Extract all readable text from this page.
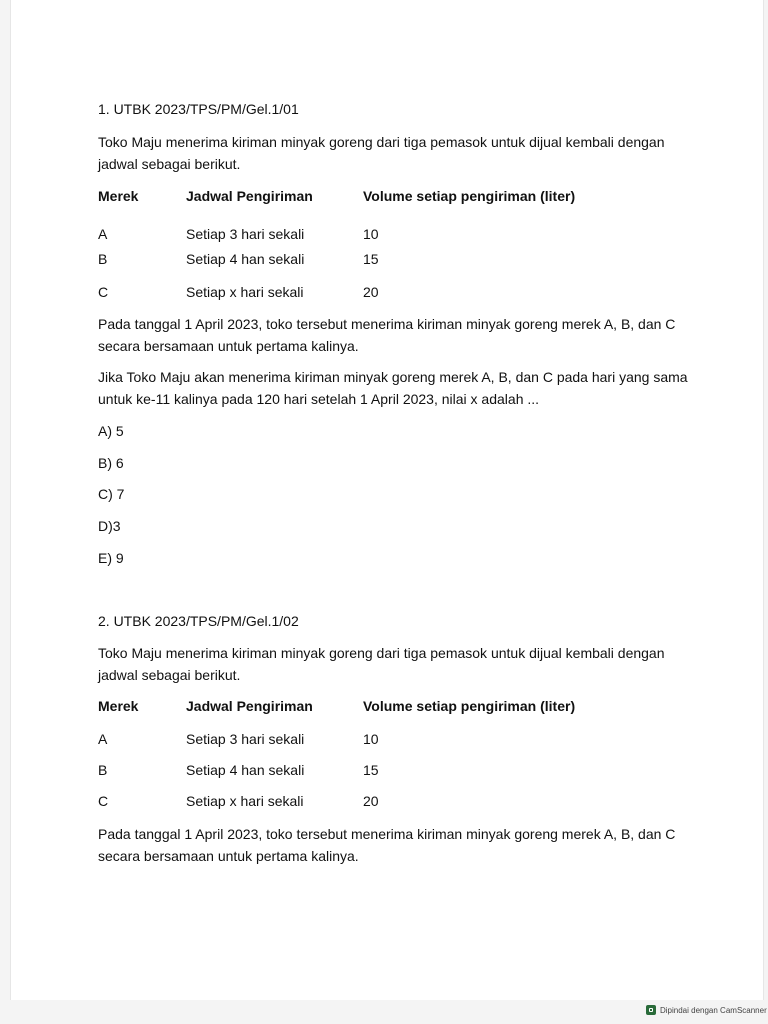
1. UTBK 2023/TPS/PM/Gel.1/01
Toko Maju menerima kiriman minyak goreng dari tiga pemasok untuk dijual kembali dengan jadwal sebagai berikut.
Merek	Jadwal Pengiriman	Volume setiap pengiriman (liter)
A	Setiap 3 hari sekali	10
B	Setiap 4 han sekali	15
C	Setiap x hari sekali	20
Pada tanggal 1 April 2023, toko tersebut menerima kiriman minyak goreng merek A, B, dan C secara bersamaan untuk pertama kalinya.
Jika Toko Maju akan menerima kiriman minyak goreng merek A, B, dan C pada hari yang sama untuk ke-11 kalinya pada 120 hari setelah 1 April 2023, nilai x adalah ...
A) 5
B) 6
C) 7
D)3
E) 9
2. UTBK 2023/TPS/PM/Gel.1/02
Toko Maju menerima kiriman minyak goreng dari tiga pemasok untuk dijual kembali dengan jadwal sebagai berikut.
Merek	Jadwal Pengiriman	Volume setiap pengiriman (liter)
A	Setiap 3 hari sekali	10
B	Setiap 4 han sekali	15
C	Setiap x hari sekali	20
Pada tanggal 1 April 2023, toko tersebut menerima kiriman minyak goreng merek A, B, dan C secara bersamaan untuk pertama kalinya.
Dipindai dengan CamScanner
